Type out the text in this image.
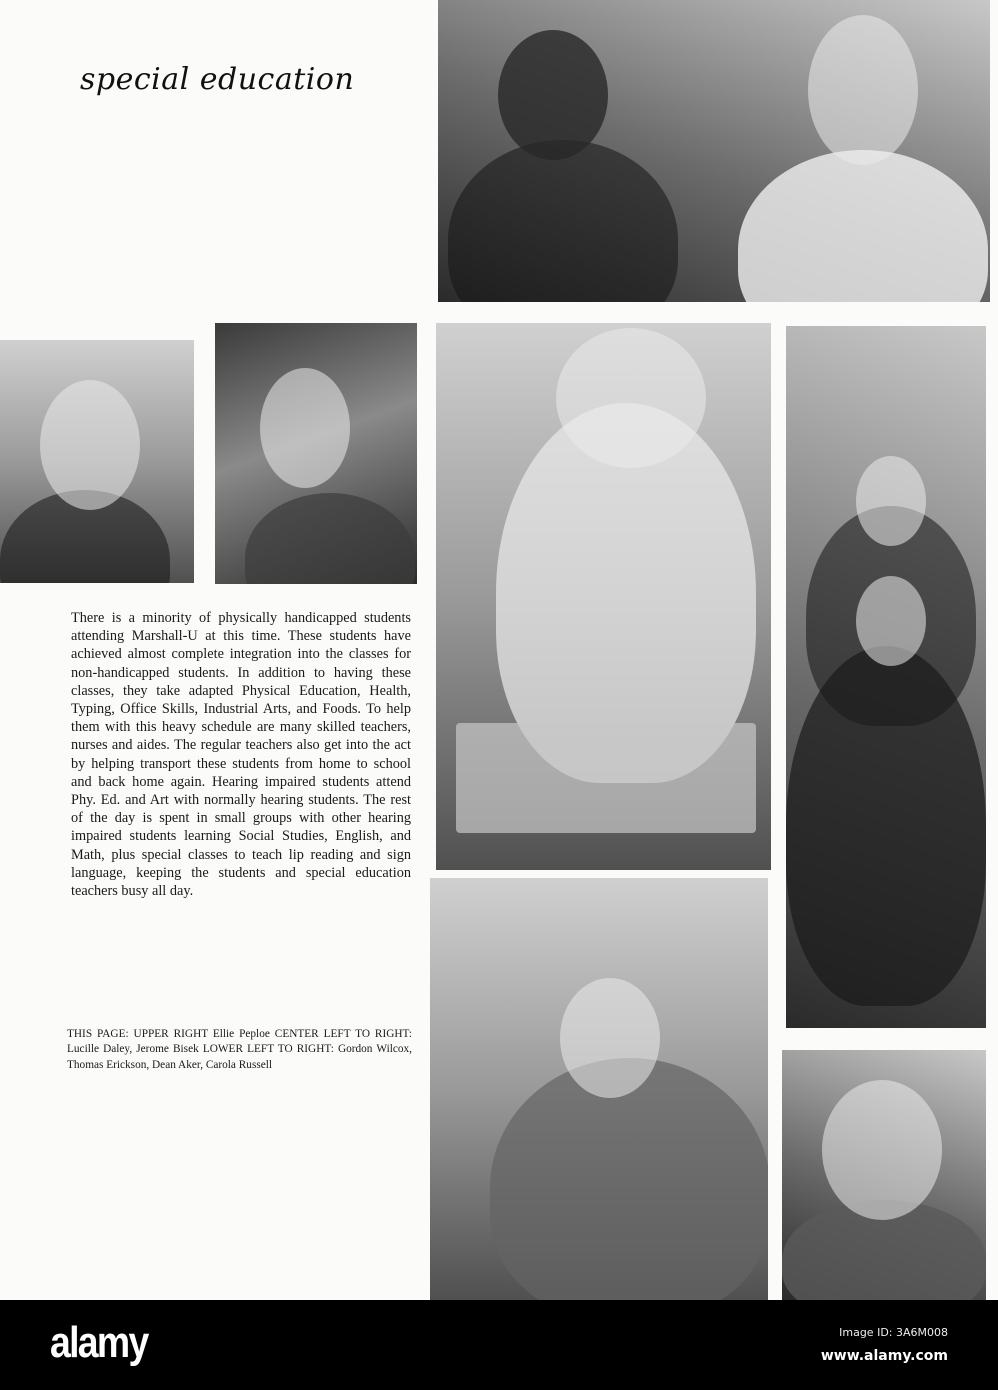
special education
There is a minority of physically handicapped students attending Marshall-U at this time. These students have achieved almost complete integration into the classes for non-handicapped students. In addition to having these classes, they take adapted Physical Education, Health, Typing, Office Skills, Industrial Arts, and Foods. To help them with this heavy schedule are many skilled teachers, nurses and aides. The regular teachers also get into the act by helping transport these students from home to school and back home again. Hearing impaired students attend Phy. Ed. and Art with normally hearing students. The rest of the day is spent in small groups with other hearing impaired students learning Social Studies, English, and Math, plus special classes to teach lip reading and sign language, keeping the students and special education teachers busy all day.
THIS PAGE: UPPER RIGHT Ellie Peploe CENTER LEFT TO RIGHT: Lucille Daley, Jerome Bisek LOWER LEFT TO RIGHT: Gordon Wilcox, Thomas Erickson, Dean Aker, Carola Russell
alamy	Image ID: 3A6M008
www.alamy.com
